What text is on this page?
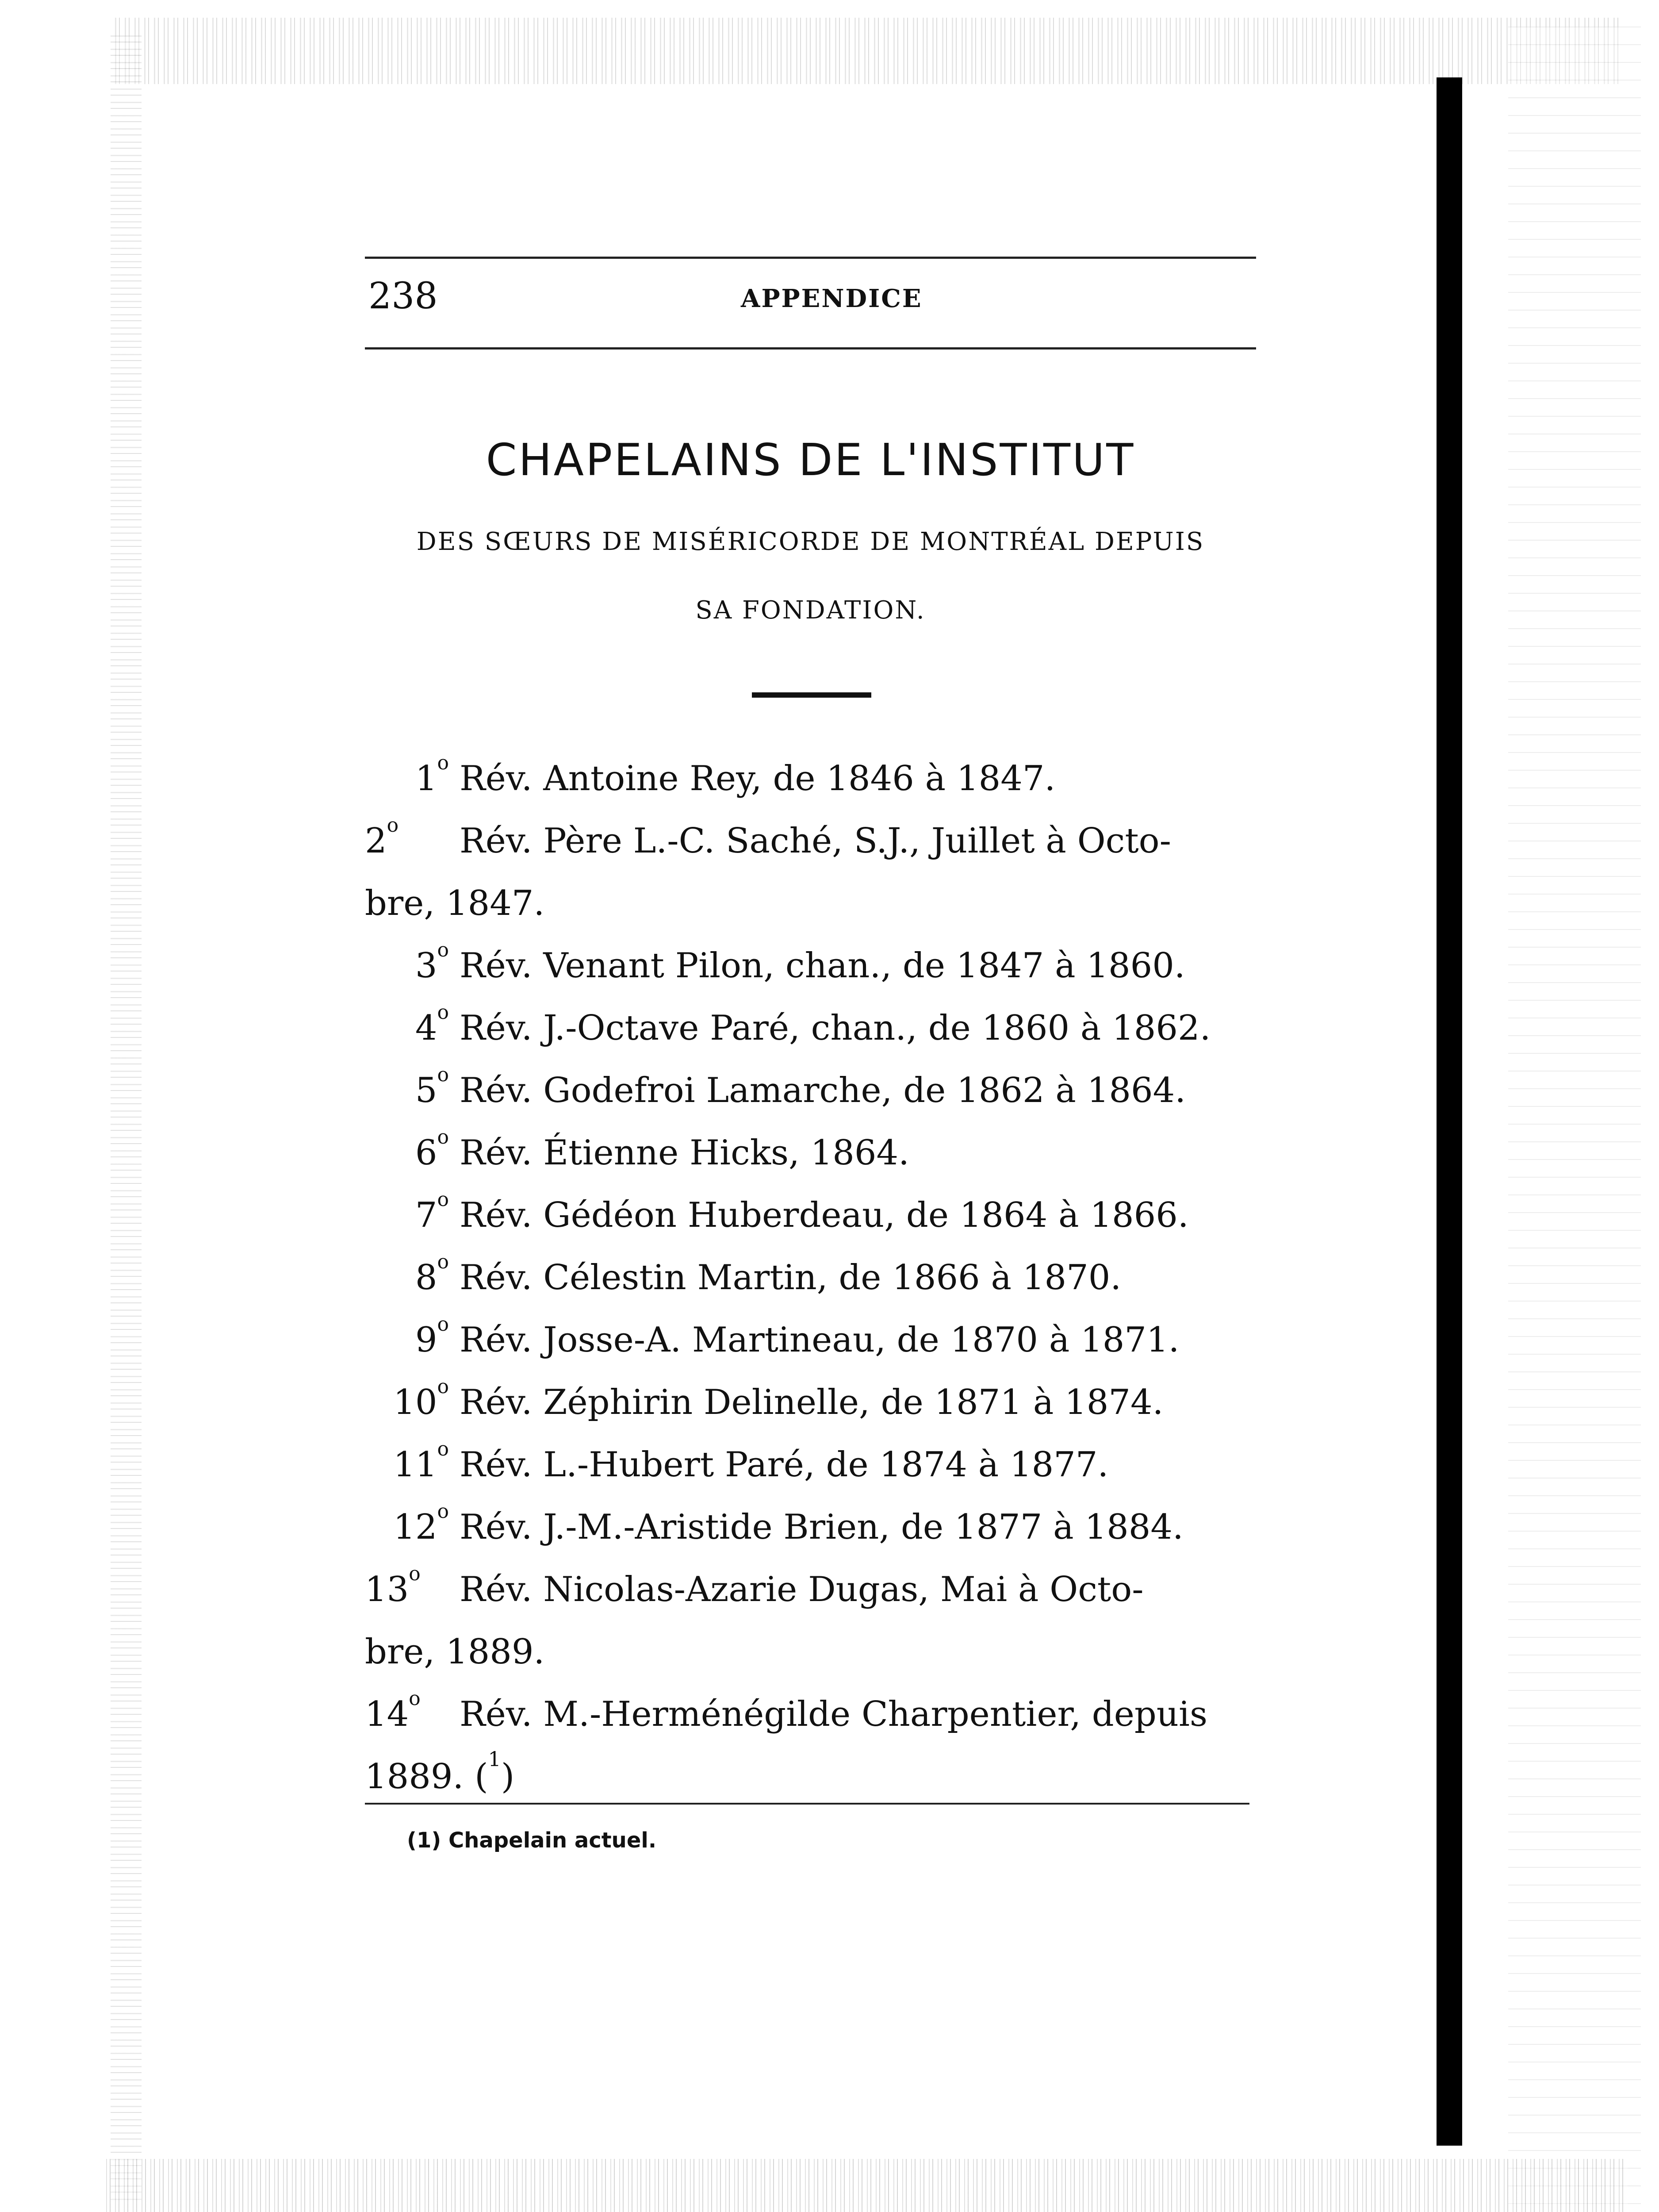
238	APPENDICE
CHAPELAINS DE L'INSTITUT
DES SŒURS DE MISÉRICORDE DE MONTRÉAL DEPUIS
SA FONDATION.
1$^o$ Rév. Antoine Rey, de 1846 à 1847.
2$^o$ Rév. Père L.-C. Saché, S.J., Juillet à Octo-
bre, 1847.
3$^o$ Rév. Venant Pilon, chan., de 1847 à 1860.
4$^o$ Rév. J.-Octave Paré, chan., de 1860 à 1862.
5$^o$ Rév. Godefroi Lamarche, de 1862 à 1864.
6$^o$ Rév. Étienne Hicks, 1864.
7$^o$ Rév. Gédéon Huberdeau, de 1864 à 1866.
8$^o$ Rév. Célestin Martin, de 1866 à 1870.
9$^o$ Rév. Josse-A. Martineau, de 1870 à 1871.
10$^o$ Rév. Zéphirin Delinelle, de 1871 à 1874.
11$^o$ Rév. L.-Hubert Paré, de 1874 à 1877.
12$^o$ Rév. J.-M.-Aristide Brien, de 1877 à 1884.
13$^o$ Rév. Nicolas-Azarie Dugas, Mai à Octo-
bre, 1889.
14$^o$ Rév. M.-Herménégilde Charpentier, depuis
1889. ($^1$)
(1) Chapelain actuel.
